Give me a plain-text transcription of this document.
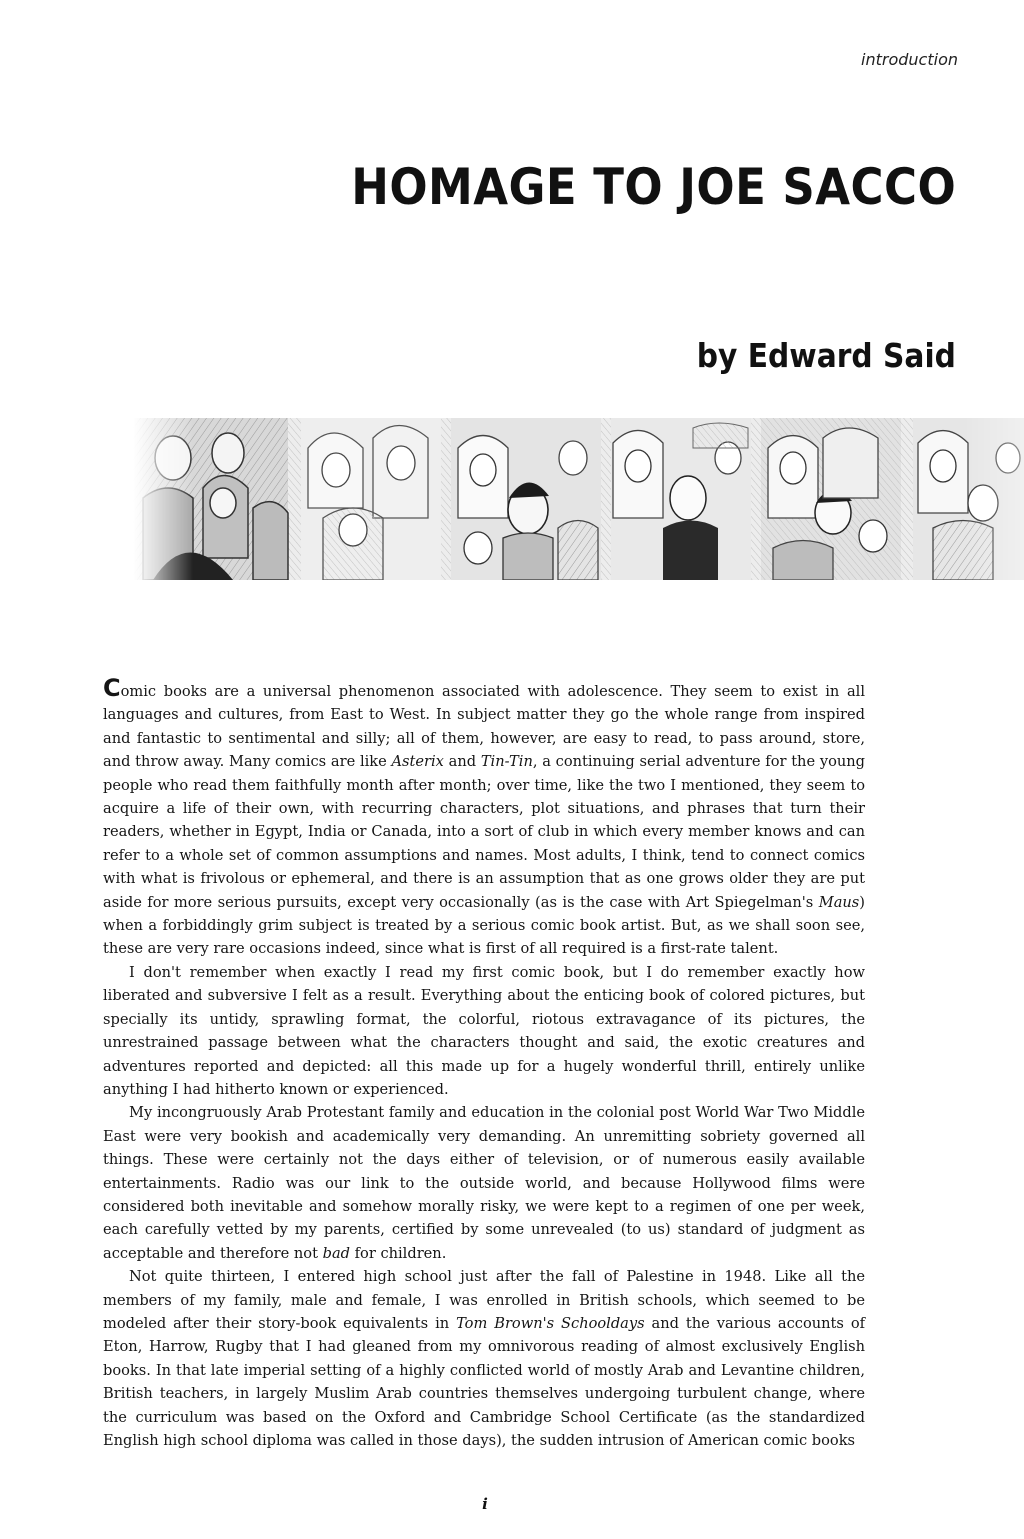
introduction
HOMAGE TO JOE SACCO
by Edward Said

Comic books are a universal phenomenon associated with adolescence. They seem to exist in all languages and cultures, from East to West. In subject matter they go the whole range from inspired and fantastic to sentimental and silly; all of them, however, are easy to read, to pass around, store, and throw away. Many comics are like Asterix and Tin-Tin, a continuing serial adventure for the young people who read them faithfully month after month; over time, like the two I mentioned, they seem to acquire a life of their own, with recurring characters, plot situations, and phrases that turn their readers, whether in Egypt, India or Canada, into a sort of club in which every member knows and can refer to a whole set of common assumptions and names. Most adults, I think, tend to connect comics with what is frivolous or ephemeral, and there is an assumption that as one grows older they are put aside for more serious pursuits, except very occasionally (as is the case with Art Spiegelman's Maus) when a forbiddingly grim subject is treated by a serious comic book artist. But, as we shall soon see, these are very rare occasions indeed, since what is first of all required is a first-rate talent.

I don't remember when exactly I read my first comic book, but I do remember exactly how liberated and subversive I felt as a result. Everything about the enticing book of colored pictures, but specially its untidy, sprawling format, the colorful, riotous extravagance of its pictures, the unrestrained passage between what the characters thought and said, the exotic creatures and adventures reported and depicted: all this made up for a hugely wonderful thrill, entirely unlike anything I had hitherto known or experienced.

My incongruously Arab Protestant family and education in the colonial post World War Two Middle East were very bookish and academically very demanding. An unremitting sobriety governed all things. These were certainly not the days either of television, or of numerous easily available entertainments. Radio was our link to the outside world, and because Hollywood films were considered both inevitable and somehow morally risky, we were kept to a regimen of one per week, each carefully vetted by my parents, certified by some unrevealed (to us) standard of judgment as acceptable and therefore not bad for children.

Not quite thirteen, I entered high school just after the fall of Palestine in 1948. Like all the members of my family, male and female, I was enrolled in British schools, which seemed to be modeled after their story-book equivalents in Tom Brown's Schooldays and the various accounts of Eton, Harrow, Rugby that I had gleaned from my omnivorous reading of almost exclusively English books. In that late imperial setting of a highly conflicted world of mostly Arab and Levantine children, British teachers, in largely Muslim Arab countries themselves undergoing turbulent change, where the curriculum was based on the Oxford and Cambridge School Certificate (as the standardized English high school diploma was called in those days), the sudden intrusion of American comic books

i
